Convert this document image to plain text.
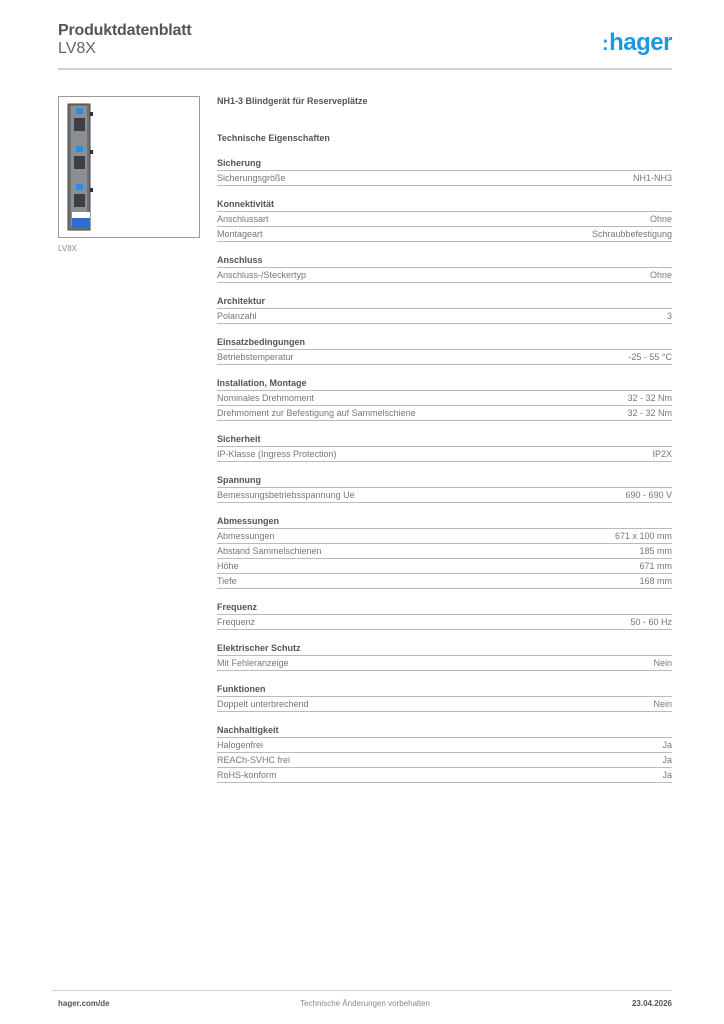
Produktdatenblatt
LV8X	:hager
LV8X
NH1-3 Blindgerät für Reserveplätze
Technische Eigenschaften
Sicherung
Sicherungsgröße	NH1-NH3
Konnektivität
Anschlussart	Ohne
Montageart	Schraubbefestigung
Anschluss
Anschluss-/Steckertyp	Ohne
Architektur
Polanzahl	3
Einsatzbedingungen
Betriebstemperatur	-25 - 55 °C
Installation, Montage
Nominales Drehmoment	32 - 32 Nm
Drehmoment zur Befestigung auf Sammelschiene	32 - 32 Nm
Sicherheit
IP-Klasse (Ingress Protection)	IP2X
Spannung
Bemessungsbetriebsspannung Ue	690 - 690 V
Abmessungen
Abmessungen	671 x 100 mm
Abstand Sammelschienen	185 mm
Höhe	671 mm
Tiefe	168 mm
Frequenz
Frequenz	50 - 60 Hz
Elektrischer Schutz
Mit Fehleranzeige	Nein
Funktionen
Doppelt unterbrechend	Nein
Nachhaltigkeit
Halogenfrei	Ja
REACh-SVHC frei	Ja
RoHS-konform	Ja
hager.com/de	Technische Änderungen vorbehalten	23.04.2026
